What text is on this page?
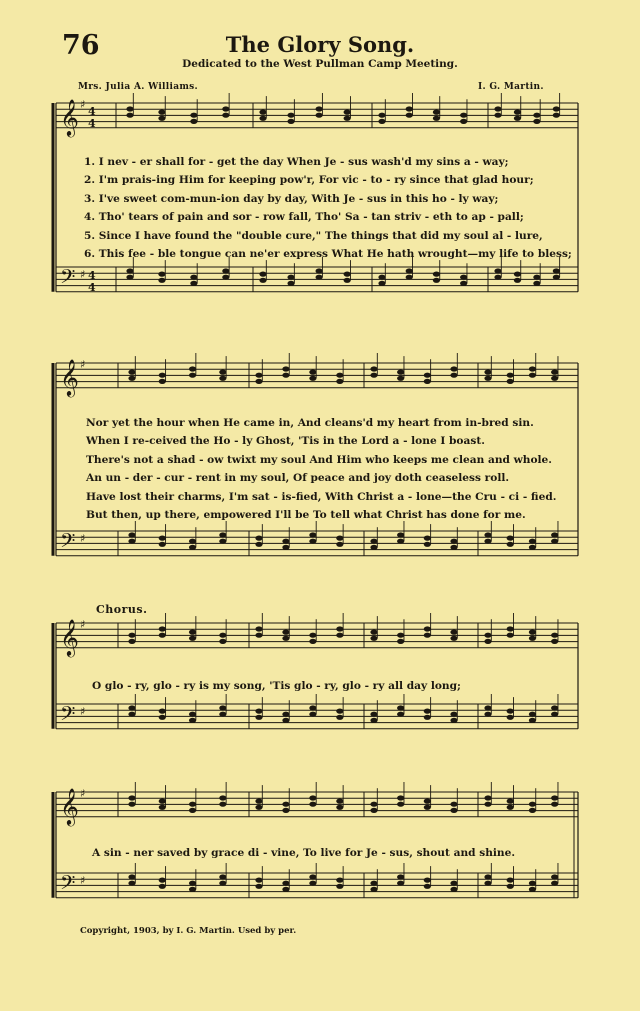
76	The Glory Song.
Dedicated to the West Pullman Camp Meeting.
Mrs. Julia A. Williams.	I. G. Martin.
𝄞
𝄢
♯
♯
4
4
4
4
𝄞
𝄢
♯
♯
𝄞
𝄢
♯
♯
𝄞
𝄢
♯
♯
1. I nev - er shall for - get the day When Je - sus wash'd my sins a - way;
2. I'm prais-ing Him for keeping pow'r, For vic - to - ry since that glad hour;
3. I've sweet com-mun-ion day by day, With Je - sus in this ho - ly way;
4. Tho' tears of pain and sor - row fall, Tho' Sa - tan striv - eth to ap - pall;
5. Since I have found the "double cure," The things that did my soul al - lure,
6. This fee - ble tongue can ne'er express What He hath wrought—my life to bless;
Nor yet the hour when He came in, And cleans'd my heart from in-bred sin.
When I re-ceived the Ho - ly Ghost, 'Tis in the Lord a - lone I boast.
There's not a shad - ow twixt my soul And Him who keeps me clean and whole.
An un - der - cur - rent in my soul, Of peace and joy doth ceaseless roll.
Have lost their charms, I'm sat - is-fied, With Christ a - lone—the Cru - ci - fied.
But then, up there, empowered I'll be To tell what Christ has done for me.
Chorus.
O glo - ry, glo - ry is my song, 'Tis glo - ry, glo - ry all day long;
A sin - ner saved by grace di - vine, To live for Je - sus, shout and shine.
Copyright, 1903, by I. G. Martin. Used by per.
